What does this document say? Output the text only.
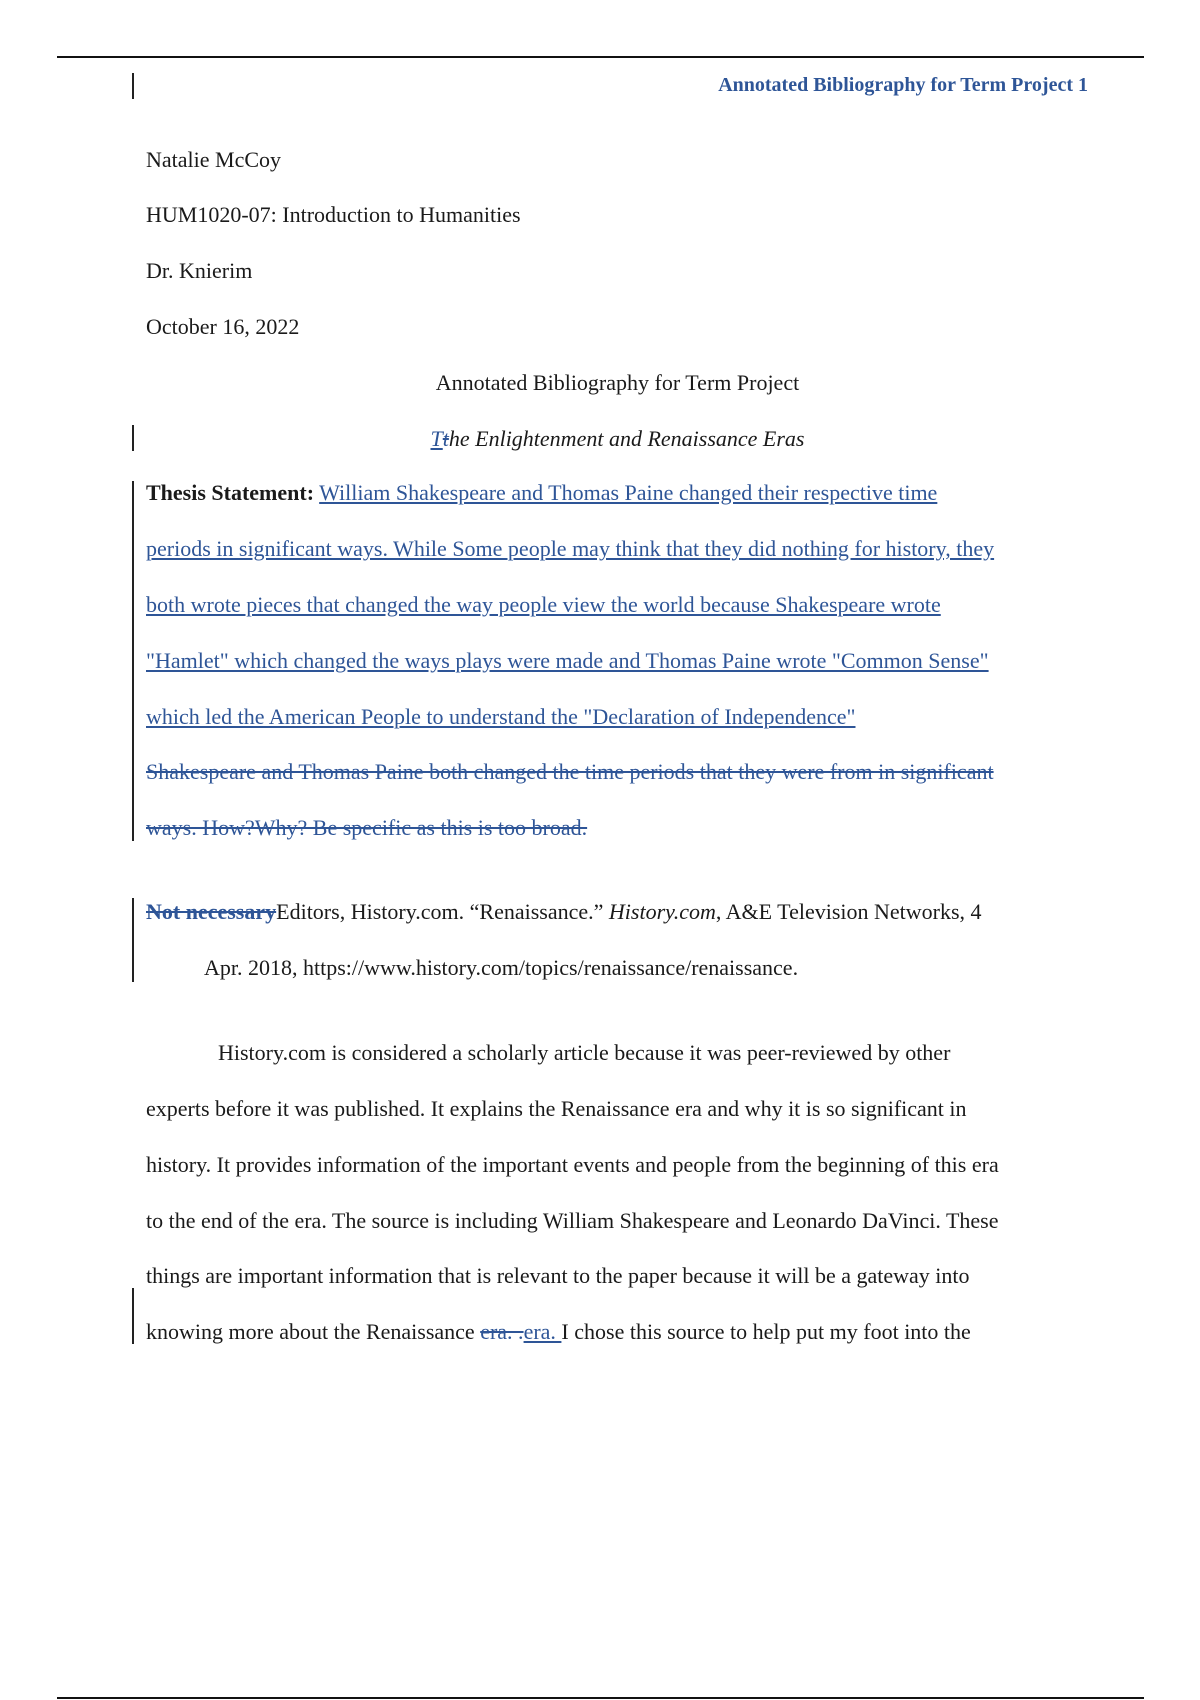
Annotated Bibliography for Term Project 1
Natalie McCoy
HUM1020-07: Introduction to Humanities
Dr. Knierim
October 16, 2022
Annotated Bibliography for Term Project
Tthe Enlightenment and Renaissance Eras
Thesis Statement: William Shakespeare and Thomas Paine changed their respective time
periods in significant ways. While Some people may think that they did nothing for history, they
both wrote pieces that changed the way people view the world because Shakespeare wrote
"Hamlet" which changed the ways plays were made and Thomas Paine wrote "Common Sense"
which led the American People to understand the "Declaration of Independence"
Shakespeare and Thomas Paine both changed the time periods that they were from in significant
ways. How?Why? Be specific as this is too broad.
Not necessaryEditors, History.com. “Renaissance.” History.com, A&E Television Networks, 4
Apr. 2018, https://www.history.com/topics/renaissance/renaissance.
History.com is considered a scholarly article because it was peer-reviewed by other
experts before it was published. It explains the Renaissance era and why it is so significant in
history. It provides information of the important events and people from the beginning of this era
to the end of the era. The source is including William Shakespeare and Leonardo DaVinci. These
things are important information that is relevant to the paper because it will be a gateway into
knowing more about the Renaissance era. .era. I chose this source to help put my foot into the
